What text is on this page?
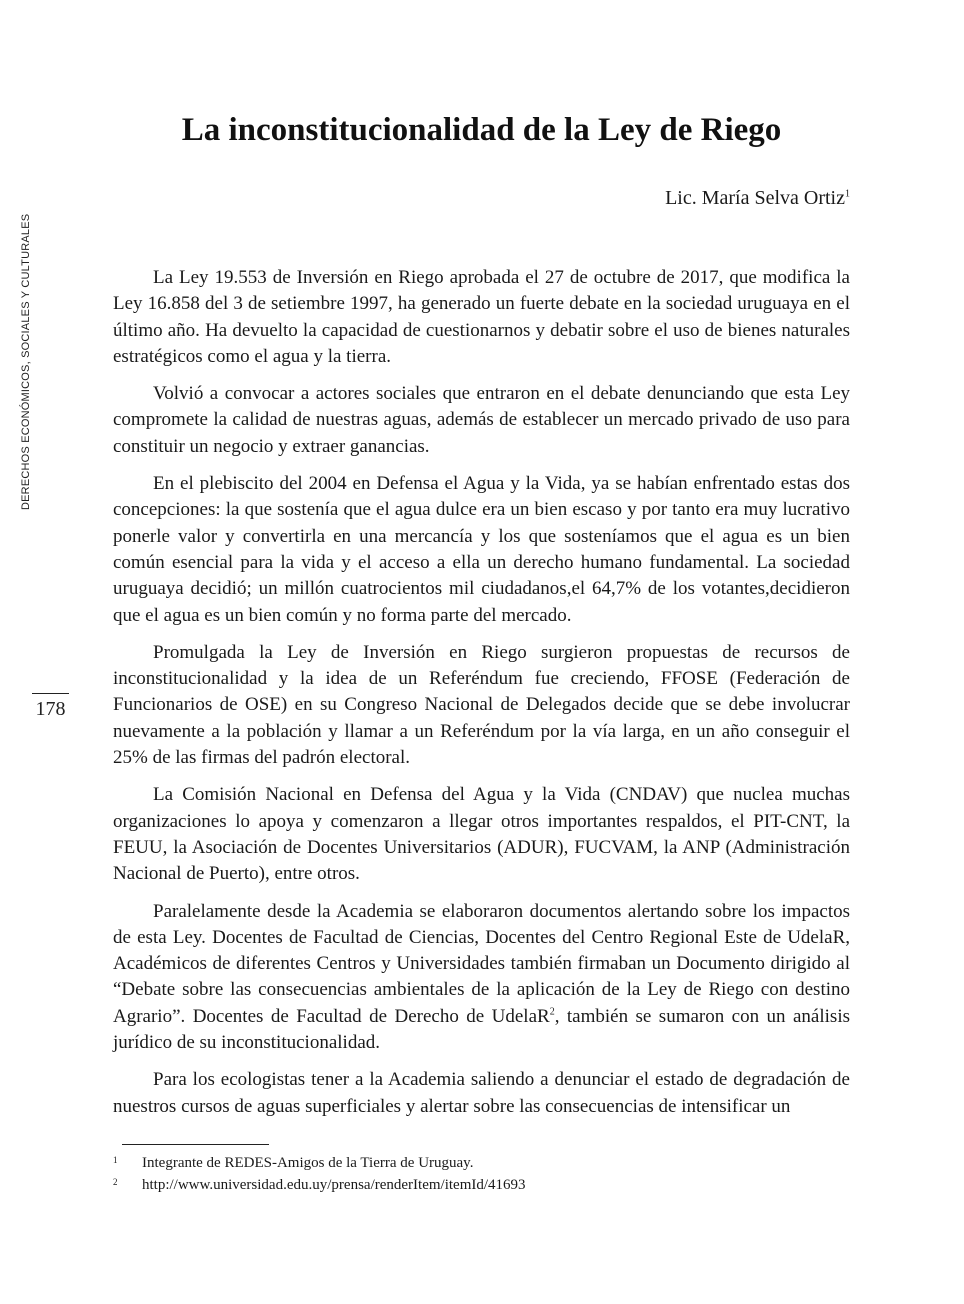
DERECHOS ECONÓMICOS, SOCIALES Y CULTURALES
178
La inconstitucionalidad de la Ley de Riego
Lic. María Selva Ortiz$^1$

La Ley 19.553 de Inversión en Riego aprobada el 27 de octubre de 2017, que modifica la Ley 16.858 del 3 de setiembre 1997, ha generado un fuerte debate en la sociedad uruguaya en el último año. Ha devuelto la capacidad de cuestionarnos y debatir sobre el uso de bienes naturales estratégicos como el agua y la tierra.

Volvió a convocar a actores sociales que entraron en el debate denunciando que esta Ley compromete la calidad de nuestras aguas, además de establecer un mercado privado de uso para constituir un negocio y extraer ganancias.

En el plebiscito del 2004 en Defensa el Agua y la Vida, ya se habían enfrentado estas dos concepciones: la que sostenía que el agua dulce era un bien escaso y por tanto era muy lucrativo ponerle valor y convertirla en una mercancía y los que sosteníamos que el agua es un bien común esencial para la vida y el acceso a ella un derecho humano fundamental. La sociedad uruguaya decidió; un millón cuatrocientos mil ciudadanos,el 64,7% de los votantes,decidieron que el agua es un bien común y no forma parte del mercado.

Promulgada la Ley de Inversión en Riego surgieron propuestas de recursos de inconstitucionalidad y la idea de un Referéndum fue creciendo, FFOSE (Federación de Funcionarios de OSE) en su Congreso Nacional de Delegados decide que se debe involucrar nuevamente a la población y llamar a un Referéndum por la vía larga, en un año conseguir el 25% de las firmas del padrón electoral.

La Comisión Nacional en Defensa del Agua y la Vida (CNDAV) que nuclea muchas organizaciones lo apoya y comenzaron a llegar otros importantes respaldos, el PIT-CNT, la FEUU, la Asociación de Docentes Universitarios (ADUR), FUCVAM, la ANP (Administración Nacional de Puerto), entre otros.

Paralelamente desde la Academia se elaboraron documentos alertando sobre los impactos de esta Ley. Docentes de Facultad de Ciencias, Docentes del Centro Regional Este de UdelaR, Académicos de diferentes Centros y Universidades también firmaban un Documento dirigido al “Debate sobre las consecuencias ambientales de la aplicación de la Ley de Riego con destino Agrario”. Docentes de Facultad de Derecho de UdelaR$^2$, también se sumaron con un análisis jurídico de su inconstitucionalidad.

Para los ecologistas tener a la Academia saliendo a denunciar el estado de degradación de nuestros cursos de aguas superficiales y alertar sobre las consecuencias de intensificar un

1 Integrante de REDES-Amigos de la Tierra de Uruguay.
2 http://www.universidad.edu.uy/prensa/renderItem/itemId/41693
